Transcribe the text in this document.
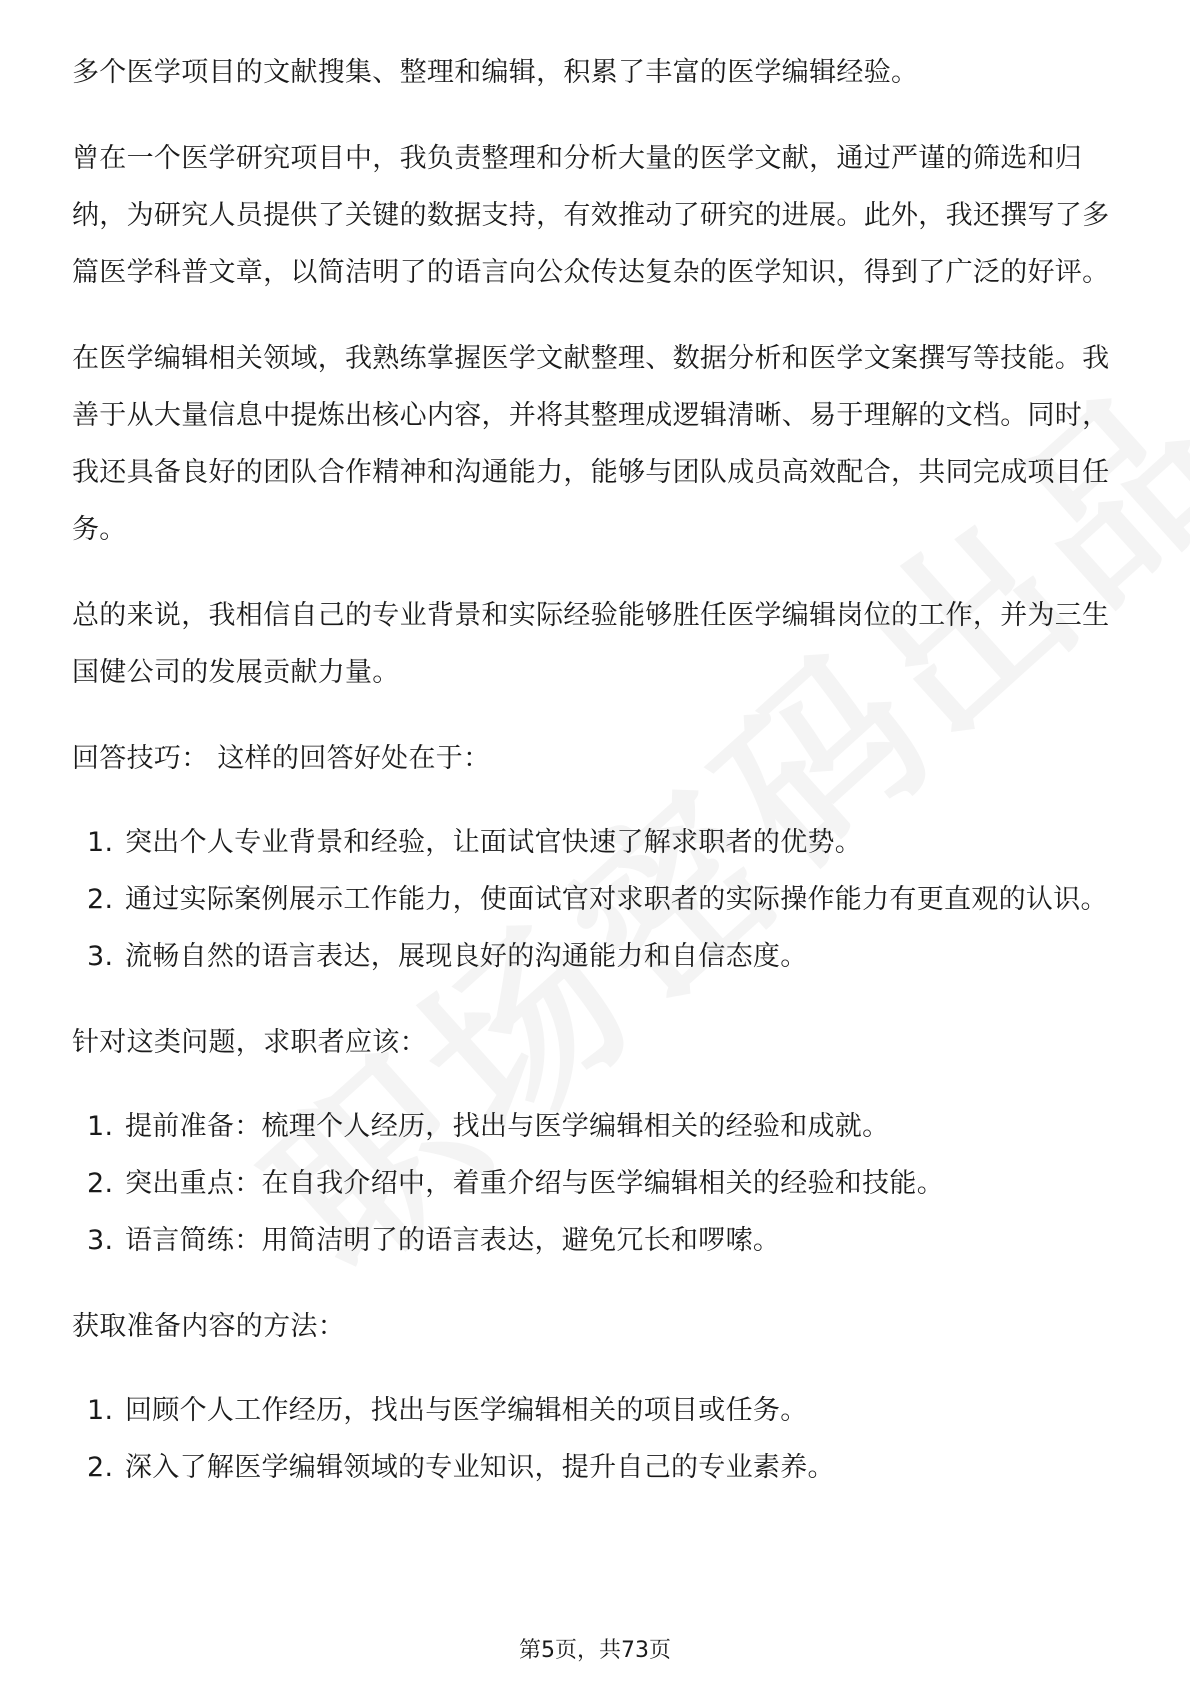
多个医学项目的文献搜集、整理和编辑，积累了丰富的医学编辑经验。

曾在一个医学研究项目中，我负责整理和分析大量的医学文献，通过严谨的筛选和归纳，为研究人员提供了关键的数据支持，有效推动了研究的进展。此外，我还撰写了多篇医学科普文章，以简洁明了的语言向公众传达复杂的医学知识，得到了广泛的好评。

在医学编辑相关领域，我熟练掌握医学文献整理、数据分析和医学文案撰写等技能。我善于从大量信息中提炼出核心内容，并将其整理成逻辑清晰、易于理解的文档。同时，我还具备良好的团队合作精神和沟通能力，能够与团队成员高效配合，共同完成项目任务。

总的来说，我相信自己的专业背景和实际经验能够胜任医学编辑岗位的工作，并为三生国健公司的发展贡献力量。

回答技巧： 这样的回答好处在于：

1. 突出个人专业背景和经验，让面试官快速了解求职者的优势。
2. 通过实际案例展示工作能力，使面试官对求职者的实际操作能力有更直观的认识。
3. 流畅自然的语言表达，展现良好的沟通能力和自信态度。

针对这类问题，求职者应该：

1. 提前准备：梳理个人经历，找出与医学编辑相关的经验和成就。
2. 突出重点：在自我介绍中，着重介绍与医学编辑相关的经验和技能。
3. 语言简练：用简洁明了的语言表达，避免冗长和啰嗦。

获取准备内容的方法：

1. 回顾个人工作经历，找出与医学编辑相关的项目或任务。
2. 深入了解医学编辑领域的专业知识，提升自己的专业素养。
第5页，共73页
